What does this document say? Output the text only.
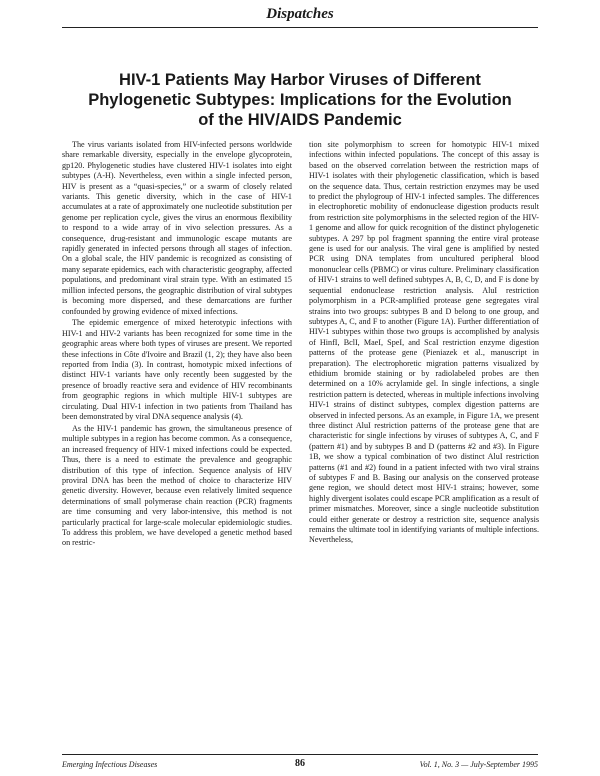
Dispatches
HIV-1 Patients May Harbor Viruses of Different
Phylogenetic Subtypes: Implications for the Evolution
of the HIV/AIDS Pandemic

The virus variants isolated from HIV-infected persons worldwide share remarkable diversity, especially in the envelope glycoprotein, gp120. Phylogenetic studies have clustered HIV-1 isolates into eight subtypes (A-H). Nevertheless, even within a single infected person, HIV is present as a “quasi-species,” or a swarm of closely related variants. This genetic diversity, which in the case of HIV-1 accumulates at a rate of approximately one nucleotide substitution per genome per replication cycle, gives the virus an enormous flexibility to respond to a wide array of in vivo selection pressures. As a consequence, drug-resistant and immunologic escape mutants are rapidly generated in infected persons through all stages of infection. On a global scale, the HIV pandemic is recognized as consisting of many separate epidemics, each with characteristic geography, affected populations, and predominant viral strain type. With an estimated 15 million infected persons, the geographic distribution of viral subtypes is becoming more dispersed, and these demarcations are further confounded by growing evidence of mixed infections.

The epidemic emergence of mixed heterotypic infections with HIV-1 and HIV-2 variants has been recognized for some time in the geographic areas where both types of viruses are present. We reported these infections in Côte d'Ivoire and Brazil (1, 2); they have also been reported from India (3). In contrast, homotypic mixed infections of distinct HIV-1 variants have only recently been suggested by the presence of broadly reactive sera and evidence of HIV recombinants from geographic regions in which multiple HIV-1 subtypes are circulating. Dual HIV-1 infection in two patients from Thailand has been demonstrated by viral DNA sequence analysis (4).

As the HIV-1 pandemic has grown, the simultaneous presence of multiple subtypes in a region has become common. As a consequence, an increased frequency of HIV-1 mixed infections could be expected. Thus, there is a need to estimate the prevalence and geographic distribution of this type of infection. Sequence analysis of HIV proviral DNA has been the method of choice to characterize HIV genetic diversity. However, because even relatively limited sequence determinations of small polymerase chain reaction (PCR) fragments are time consuming and very labor-intensive, this method is not particularly practical for large-scale molecular epidemiologic studies. To address this problem, we have developed a genetic method based on restric-

tion site polymorphism to screen for homotypic HIV-1 mixed infections within infected populations. The concept of this assay is based on the observed correlation between the restriction maps of HIV-1 isolates with their phylogenetic classification, which is based on the sequence data. Thus, certain restriction enzymes may be used to predict the phylogroup of HIV-1 infected samples. The differences in electrophoretic mobility of endonuclease digestion products result from restriction site polymorphisms in the selected region of the HIV-1 genome and allow for quick recognition of the distinct phylogenetic subtypes. A 297 bp pol fragment spanning the entire viral protease gene is used for our analysis. The viral gene is amplified by nested PCR using DNA templates from uncultured peripheral blood mononuclear cells (PBMC) or virus culture. Preliminary classification of HIV-1 strains to well defined subtypes A, B, C, D, and F is done by sequential endonuclease restriction analysis. AluI restriction polymorphism in a PCR-amplified protease gene segregates viral strains into two groups: subtypes B and D belong to one group, and subtypes A, C, and F to another (Figure 1A). Further differentiation of HIV-1 subtypes within those two groups is accomplished by analysis of HinfI, BclI, MaeI, SpeI, and ScaI restriction enzyme digestion patterns of the protease gene (Pieniazek et al., manuscript in preparation). The electrophoretic migration patterns visualized by ethidium bromide staining or by radiolabeled probes are then determined on a 10% acrylamide gel. In single infections, a single restriction pattern is detected, whereas in multiple infections involving HIV-1 strains of distinct subtypes, complex digestion patterns are observed in infected persons. As an example, in Figure 1A, we present three distinct AluI restriction patterns of the protease gene that are characteristic for single infections by viruses of subtypes A, C, and F (pattern #1) and by subtypes B and D (patterns #2 and #3). In Figure 1B, we show a typical combination of two distinct AluI restriction patterns (#1 and #2) found in a patient infected with two viral strains of subtypes F and B. Basing our analysis on the conserved protease gene region, we should detect most HIV-1 strains; however, some highly divergent isolates could escape PCR amplification as a result of primer mismatches. Moreover, since a single nucleotide substitution could either generate or destroy a restriction site, sequence analysis remains the ultimate tool in identifying variants of multiple infections. Nevertheless,

Emerging Infectious Diseases	86	Vol. 1, No. 3 — July-September 1995
